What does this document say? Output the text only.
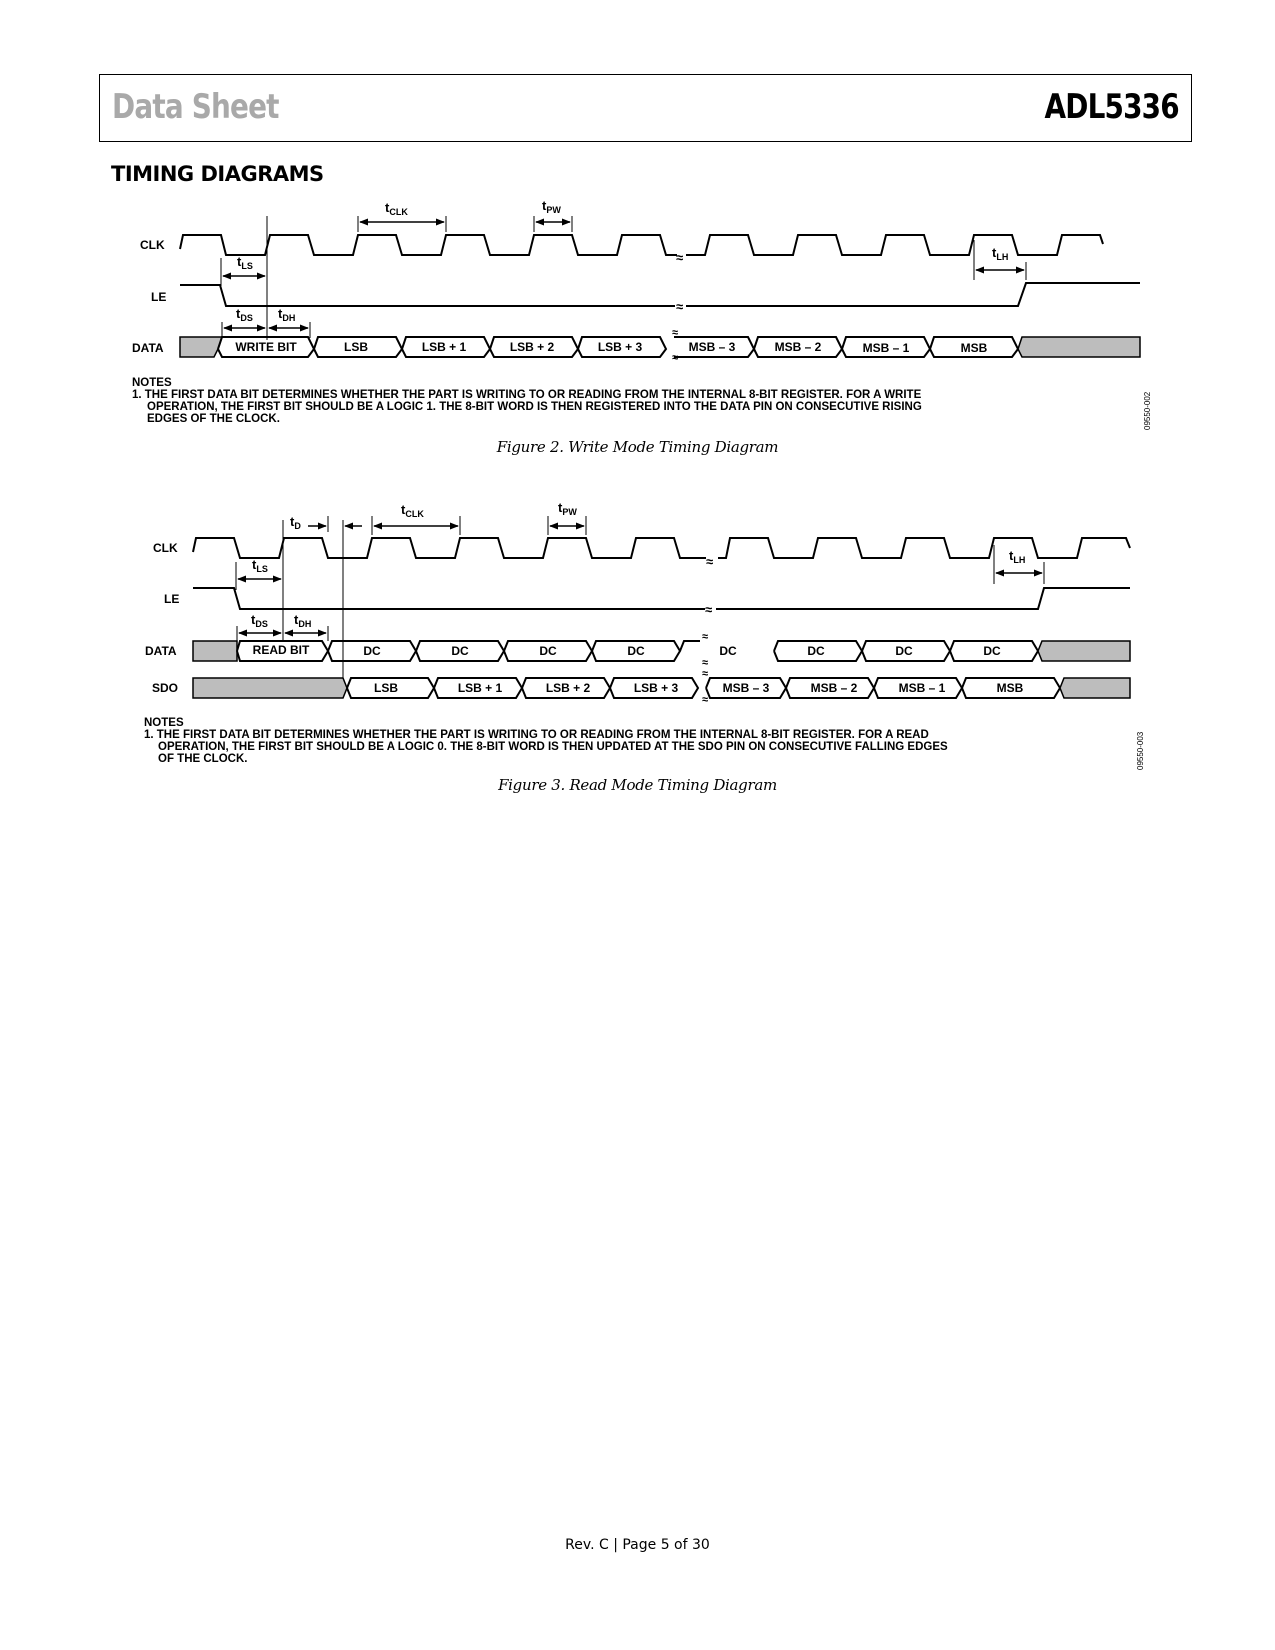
Data Sheet	ADL5336
TIMING DIAGRAMS
CLK
LE
DATA
≈
≈
≈
≈
WRITE BIT	LSB	LSB + 1	LSB + 2	LSB + 3	MSB – 3	MSB – 2	MSB – 1	MSB
$t_{CLK}$	$t_{PW}$
$t_{LS}$
$t_{LH}$
$t_{DS}$ $t_{DH}$
NOTES
1. THE FIRST DATA BIT DETERMINES WHETHER THE PART IS WRITING TO OR READING FROM THE INTERNAL 8-BIT REGISTER. FOR A WRITE
OPERATION, THE FIRST BIT SHOULD BE A LOGIC 1. THE 8-BIT WORD IS THEN REGISTERED INTO THE DATA PIN ON CONSECUTIVE RISING
EDGES OF THE CLOCK.	09550-002
Figure 2. Write Mode Timing Diagram
CLK
LE
DATA
SDO
≈
≈
≈
≈
READ BIT	DC	DC	DC	DC	DC	DC	DC	DC
≈
≈
LSB	LSB + 1	LSB + 2	LSB + 3	MSB – 3	MSB – 2	MSB – 1	MSB
$t_D$
$t_{CLK}$	$t_{PW}$
$t_{LS}$
$t_{LH}$
$t_{DS}$ $t_{DH}$
NOTES
1. THE FIRST DATA BIT DETERMINES WHETHER THE PART IS WRITING TO OR READING FROM THE INTERNAL 8-BIT REGISTER. FOR A READ
OPERATION, THE FIRST BIT SHOULD BE A LOGIC 0. THE 8-BIT WORD IS THEN UPDATED AT THE SDO PIN ON CONSECUTIVE FALLING EDGES
OF THE CLOCK.	09550-003
Figure 3. Read Mode Timing Diagram
Rev. C | Page 5 of 30
